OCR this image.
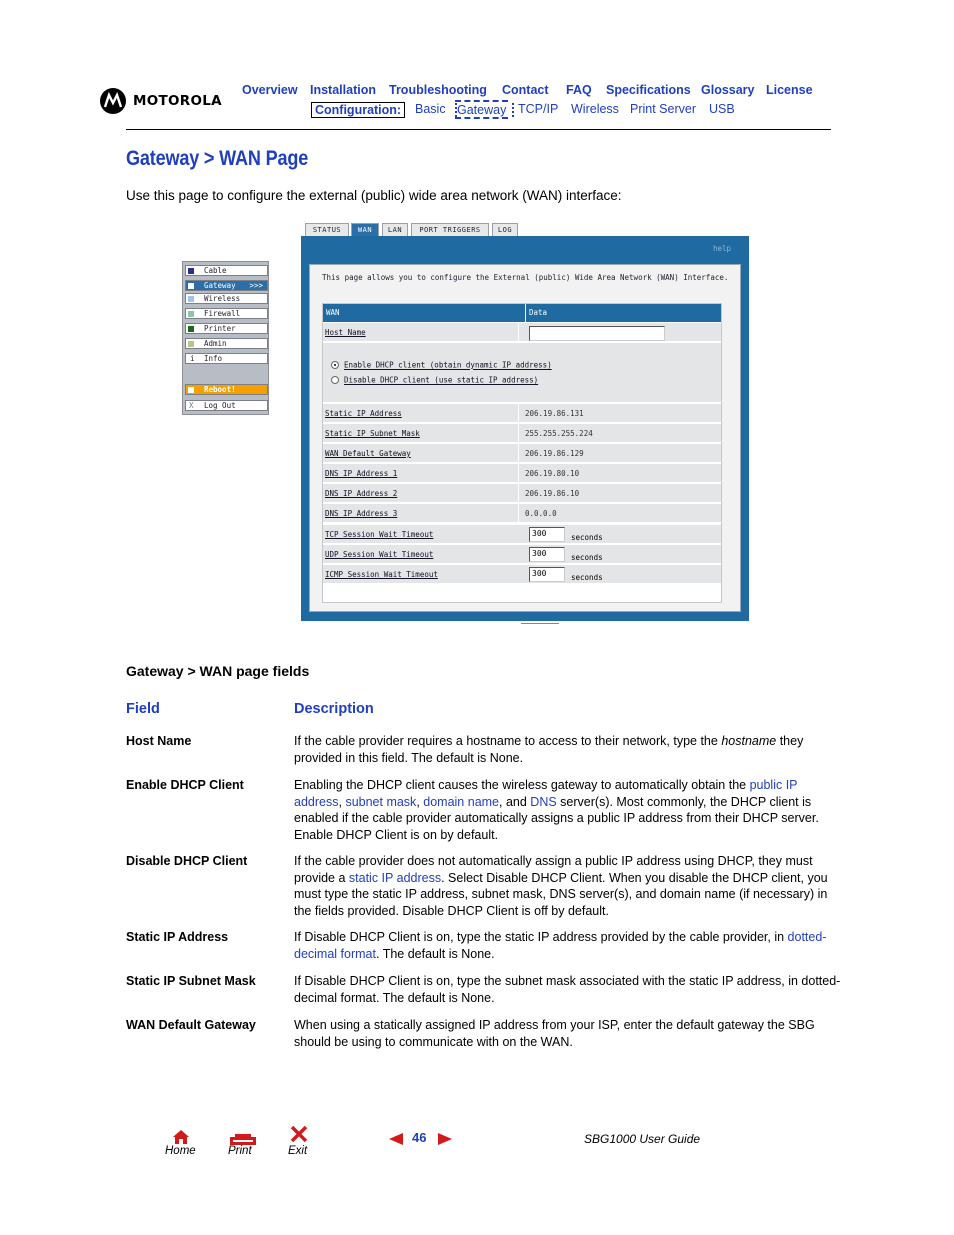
MOTOROLA
Overview Installation Troubleshooting Contact FAQ Specifications Glossary License
Configuration:	Basic Gateway TCP/IP Wireless Print Server USB
Gateway > WAN Page
Use this page to configure the external (public) wide area network (WAN) interface:
Cable
Gateway >>>
Wireless
Firewall
Printer
Admin
i Info
Reboot!
X Log Out
STATUS	WAN	LAN	PORT TRIGGERS	LOG
help
This page allows you to configure the External (public) Wide Area Network (WAN) Interface.
WAN	Data
Host Name
Enable DHCP client (obtain dynamic IP address)
Disable DHCP client (use static IP address)
Static IP Address	206.19.86.131
Static IP Subnet Mask	255.255.255.224
WAN Default Gateway	206.19.86.129
DNS IP Address 1	206.19.80.10
DNS IP Address 2	206.19.86.10
DNS IP Address 3	0.0.0.0
TCP Session Wait Timeout	300	seconds
UDP Session Wait Timeout	300	seconds
ICMP Session Wait Timeout	300	seconds
Gateway > WAN page fields
Field	Description
Host Name	If the cable provider requires a hostname to access to their network, type the hostname they provided in this field. The default is None.
Enable DHCP Client	Enabling the DHCP client causes the wireless gateway to automatically obtain the public IP address, subnet mask, domain name, and DNS server(s). Most commonly, the DHCP client is enabled if the cable provider automatically assigns a public IP address from their DHCP server. Enable DHCP Client is on by default.
Disable DHCP Client	If the cable provider does not automatically assign a public IP address using DHCP, they must provide a static IP address. Select Disable DHCP Client. When you disable the DHCP client, you must type the static IP address, subnet mask, DNS server(s), and domain name (if necessary) in the fields provided. Disable DHCP Client is off by default.
Static IP Address	If Disable DHCP Client is on, type the static IP address provided by the cable provider, in dotted-decimal format. The default is None.
Static IP Subnet Mask	If Disable DHCP Client is on, type the subnet mask associated with the static IP address, in dotted-decimal format. The default is None.
WAN Default Gateway	When using a statically assigned IP address from your ISP, enter the default gateway the SBG should be using to communicate with on the WAN.
Home	Print	Exit
46	SBG1000 User Guide
